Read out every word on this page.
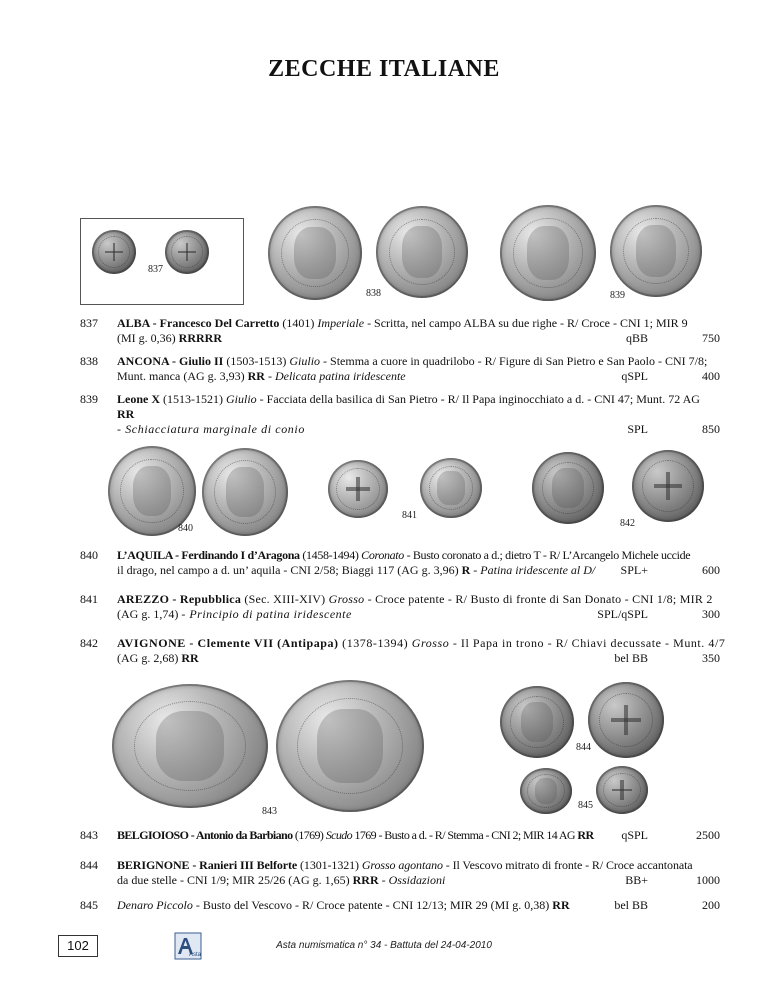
ZECCHE ITALIANE
837
838	839
837 ALBA - Francesco Del Carretto (1401) Imperiale - Scritta, nel campo ALBA su due righe - R/ Croce - CNI 1; MIR 9
(MI g. 0,36) RRRRR	qBB	750
838 ANCONA - Giulio II (1503-1513) Giulio - Stemma a cuore in quadrilobo - R/ Figure di San Pietro e San Paolo - CNI 7/8;
Munt. manca (AG g. 3,93) RR - Delicata patina iridescente	qSPL	400
839 Leone X (1513-1521) Giulio - Facciata della basilica di San Pietro - R/ Il Papa inginocchiato a d. - CNI 47; Munt. 72 AG RR
- Schiacciatura marginale di conio	SPL	850
840
841
842
840 L’AQUILA - Ferdinando I d’Aragona (1458-1494) Coronato - Busto coronato a d.; dietro T - R/ L’Arcangelo Michele uccide
il drago, nel campo a d. un’ aquila - CNI 2/58; Biaggi 117 (AG g. 3,96) R - Patina iridescente al D/ SPL+	600
841 AREZZO - Repubblica (Sec. XIII-XIV) Grosso - Croce patente - R/ Busto di fronte di San Donato - CNI 1/8; MIR 2
(AG g. 1,74) - Principio di patina iridescente	SPL/qSPL	300
842 AVIGNONE - Clemente VII (Antipapa) (1378-1394) Grosso - Il Papa in trono - R/ Chiavi decussate - Munt. 4/7
(AG g. 2,68) RR	bel BB	350
843
844
845
843 BELGIOIOSO - Antonio da Barbiano (1769) Scudo 1769 - Busto a d. - R/ Stemma - CNI 2; MIR 14 AG RR qSPL	2500
844 BERIGNONE - Ranieri III Belforte (1301-1321) Grosso agontano - Il Vescovo mitrato di fronte - R/ Croce accantonata
da due stelle - CNI 1/9; MIR 25/26 (AG g. 1,65) RRR - Ossidazioni	BB+	1000
845 Denaro Piccolo - Busto del Vescovo - R/ Croce patente - CNI 12/13; MIR 29 (MI g. 0,38) RR	bel BB	200
102
Asta
Asta numismatica n° 34 - Battuta del 24-04-2010
